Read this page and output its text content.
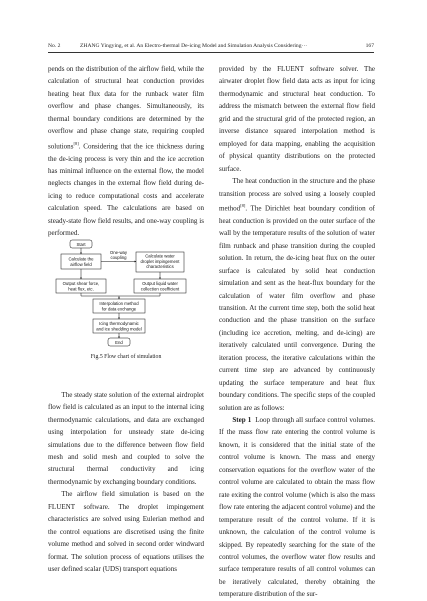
No. 2	ZHANG Yingying, et al. An Electro-thermal De-icing Model and Simulation Analysis Considering···	167

pends on the distribution of the airflow field, while the calculation of structural heat conduction provides heating heat flux data for the runback water film overflow and phase changes. Simultaneously, its thermal boundary conditions are determined by the overflow and phase change state, requiring coupled solutions[8]. Considering that the ice thickness during the de-icing process is very thin and the ice accretion has minimal influence on the external flow, the model neglects changes in the external flow field during de-icing to reduce computational costs and accelerate calculation speed. The calculations are based on steady-state flow field results, and one-way coupling is performed.

The steady state solution of the external airdroplet flow field is calculated as an input to the internal icing thermodynamic calculations, and data are exchanged using interpolation for unsteady state de-icing simulations due to the difference between flow field mesh and solid mesh and coupled to solve the structural thermal conductivity and icing thermodynamic by exchanging boundary conditions.

The airflow field simulation is based on the FLUENT software. The droplet impingement characteristics are solved using Eulerian method and the control equations are discretised using the finite volume method and solved in second order windward format. The solution process of equations utilises the user defined scalar (UDS) transport equations

Start
Calculate the
airflow field
One-way
coupling	Calculate water
droplet impingement
characteristics
Output shear force,
heat flux, etc.
Output liquid water
collection coefficient
Interpolation method
for data exchange
Icing thermodynamic
and ice shedding model
End
Fig.5 Flow chart of simulation

provided by the FLUENT software solver. The airwater droplet flow field data acts as input for icing thermodynamic and structural heat conduction. To address the mismatch between the external flow field grid and the structural grid of the protected region, an inverse distance squared interpolation method is employed for data mapping, enabling the acquisition of physical quantity distributions on the protected surface.

The heat conduction in the structure and the phase transition process are solved using a loosely coupled method[8]. The Dirichlet heat boundary condition of heat conduction is provided on the outer surface of the wall by the temperature results of the solution of water film runback and phase transition during the coupled solution. In return, the de-icing heat flux on the outer surface is calculated by solid heat conduction simulation and sent as the heat-flux boundary for the calculation of water film overflow and phase transition. At the current time step, both the solid heat conduction and the phase transition on the surface (including ice accretion, melting, and de-icing) are iteratively calculated until convergence. During the iteration process, the iterative calculations within the current time step are advanced by continuously updating the surface temperature and heat flux boundary conditions. The specific steps of the coupled solution are as follows:

Step 1 Loop through all surface control volumes. If the mass flow rate entering the control volume is known, it is considered that the initial state of the control volume is known. The mass and energy conservation equations for the overflow water of the control volume are calculated to obtain the mass flow rate exiting the control volume (which is also the mass flow rate entering the adjacent control volume) and the temperature result of the control volume. If it is unknown, the calculation of the control volume is skipped. By repeatedly searching for the state of the control volumes, the overflow water flow results and surface temperature results of all control volumes can be iteratively calculated, thereby obtaining the temperature distribution of the sur-
